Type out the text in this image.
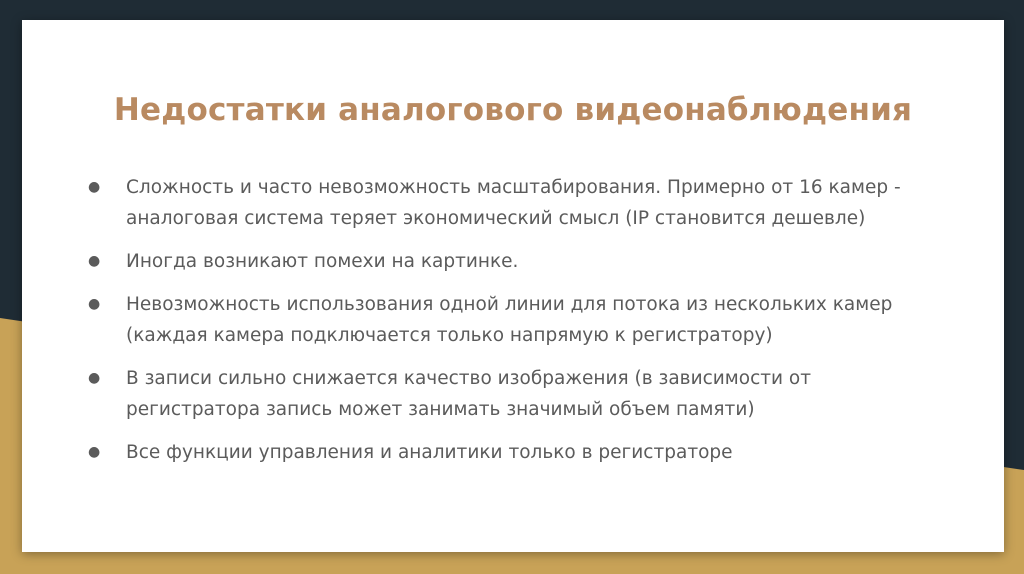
Недостатки аналогового видеонаблюдения
● Сложность и часто невозможность масштабирования. Примерно от 16 камер - аналоговая система теряет экономический смысл (IP становится дешевле)
● Иногда возникают помехи на картинке.
● Невозможность использования одной линии для потока из нескольких камер (каждая камера подключается только напрямую к регистратору)
● В записи сильно снижается качество изображения (в зависимости от регистратора запись может занимать значимый объем памяти)
● Все функции управления и аналитики только в регистраторе
